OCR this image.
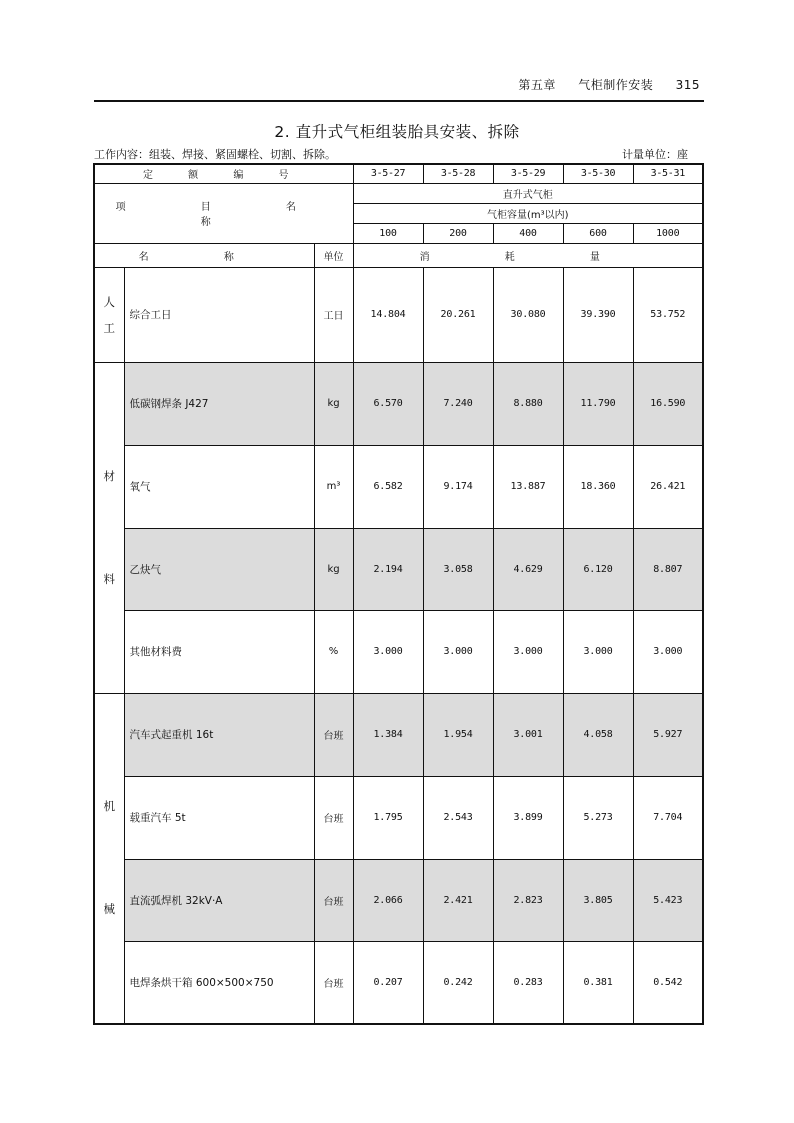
第五章 气柜制作安装 315
2. 直升式气柜组装胎具安装、拆除
工作内容：组装、焊接、紧固螺栓、切割、拆除。	计量单位：座
定 额 编 号			3-5-27	3-5-28	3-5-29	3-5-30	3-5-31
项 目 名 称			直升式气柜				
			气柜容量(m³以内)				
			100	200	400	600	1000
名 称		单位	消 耗 量				

人
工	综合工日	工日	14.804	20.261	30.080	39.390	53.752

材
料	低碳钢焊条 J427	kg	6.570	7.240	8.880	11.790	16.590
	氧气	m³	6.582	9.174	13.887	18.360	26.421
	乙炔气	kg	2.194	3.058	4.629	6.120	8.807
	其他材料费	%	3.000	3.000	3.000	3.000	3.000

机
械	汽车式起重机 16t	台班	1.384	1.954	3.001	4.058	5.927
	载重汽车 5t	台班	1.795	2.543	3.899	5.273	7.704
	直流弧焊机 32kV·A	台班	2.066	2.421	2.823	3.805	5.423
	电焊条烘干箱 600×500×750	台班	0.207	0.242	0.283	0.381	0.542
